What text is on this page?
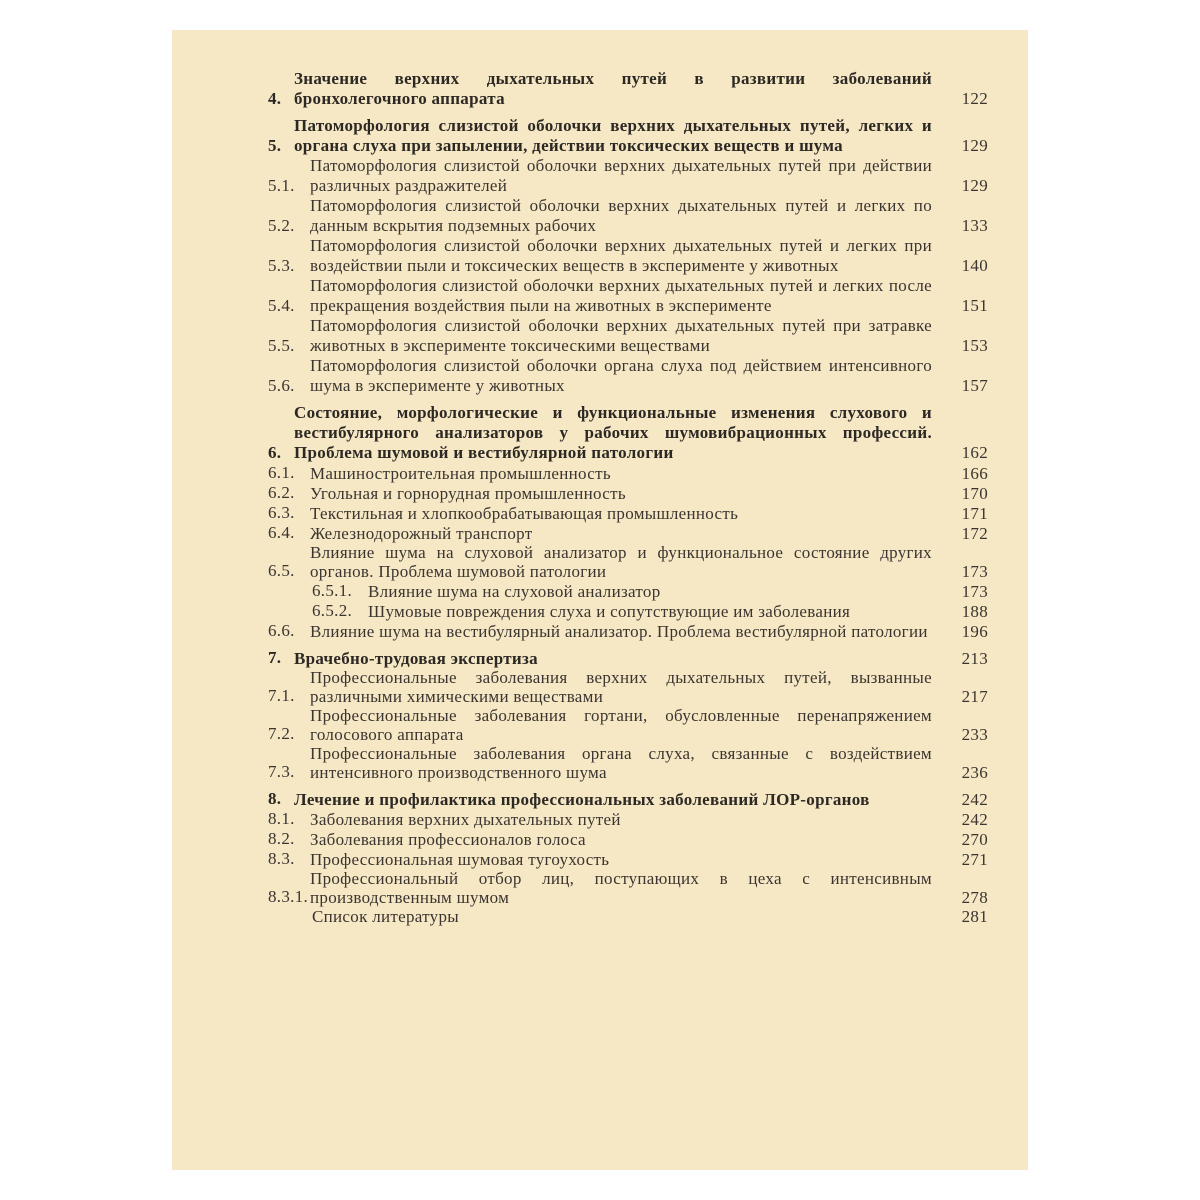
4.
Значение верхних дыхательных путей в развитии заболеваний бронхолегочного аппарата . . .	122
5.
Патоморфология слизистой оболочки верхних дыхательных путей, легких и органа слуха при запылении, действии токсических веществ и шума . . .	129
5.1.
Патоморфология слизистой оболочки верхних дыхательных путей при действии различных раздражителей . . .	129
5.2.
Патоморфология слизистой оболочки верхних дыхательных путей и легких по данным вскрытия подземных рабочих . . .	133
5.3.
Патоморфология слизистой оболочки верхних дыхательных путей и легких при воздействии пыли и токсических веществ в эксперименте у животных . . .	140
5.4.
Патоморфология слизистой оболочки верхних дыхательных путей и легких после прекращения воздействия пыли на животных в эксперименте . . .	151
5.5.
Патоморфология слизистой оболочки верхних дыхательных путей при затравке животных в эксперименте токсическими веществами . . .	153
5.6.
Патоморфология слизистой оболочки органа слуха под действием интенсивного шума в эксперименте у животных . . .	157
6.
Состояние, морфологические и функциональные изменения слухового и вестибулярного анализаторов у рабочих шумовибрационных профессий. Проблема шумовой и вестибулярной патологии . . .	162
6.1. Машиностроительная промышленность . . .	166
6.2. Угольная и горнорудная промышленность . . .	170
6.3. Текстильная и хлопкообрабатывающая промышленность . . .	171
6.4. Железнодорожный транспорт . . .	172
6.5.
Влияние шума на слуховой анализатор и функциональное состояние других органов. Проблема шумовой патологии . . .	173
6.5.1. Влияние шума на слуховой анализатор . . .	173
6.5.2. Шумовые повреждения слуха и сопутствующие им заболевания . . .	188
6.6. Влияние шума на вестибулярный анализатор. Проблема вестибулярной патологии . . .	196
7. Врачебно-трудовая экспертиза . . .	213
7.1.
Профессиональные заболевания верхних дыхательных путей, вызванные различными химическими веществами . . .	217
7.2.
Профессиональные заболевания гортани, обусловленные перенапряжением голосового аппарата . . .	233
7.3.
Профессиональные заболевания органа слуха, связанные с воздействием интенсивного производственного шума . . .	236
8. Лечение и профилактика профессиональных заболеваний ЛОР-органов . . .	242
8.1. Заболевания верхних дыхательных путей . . .	242
8.2. Заболевания профессионалов голоса . . .	270
8.3. Профессиональная шумовая тугоухость . . .	271
8.3.1.
Профессиональный отбор лиц, поступающих в цеха с интенсивным производственным шумом . . .	278
Список литературы . . .	281
